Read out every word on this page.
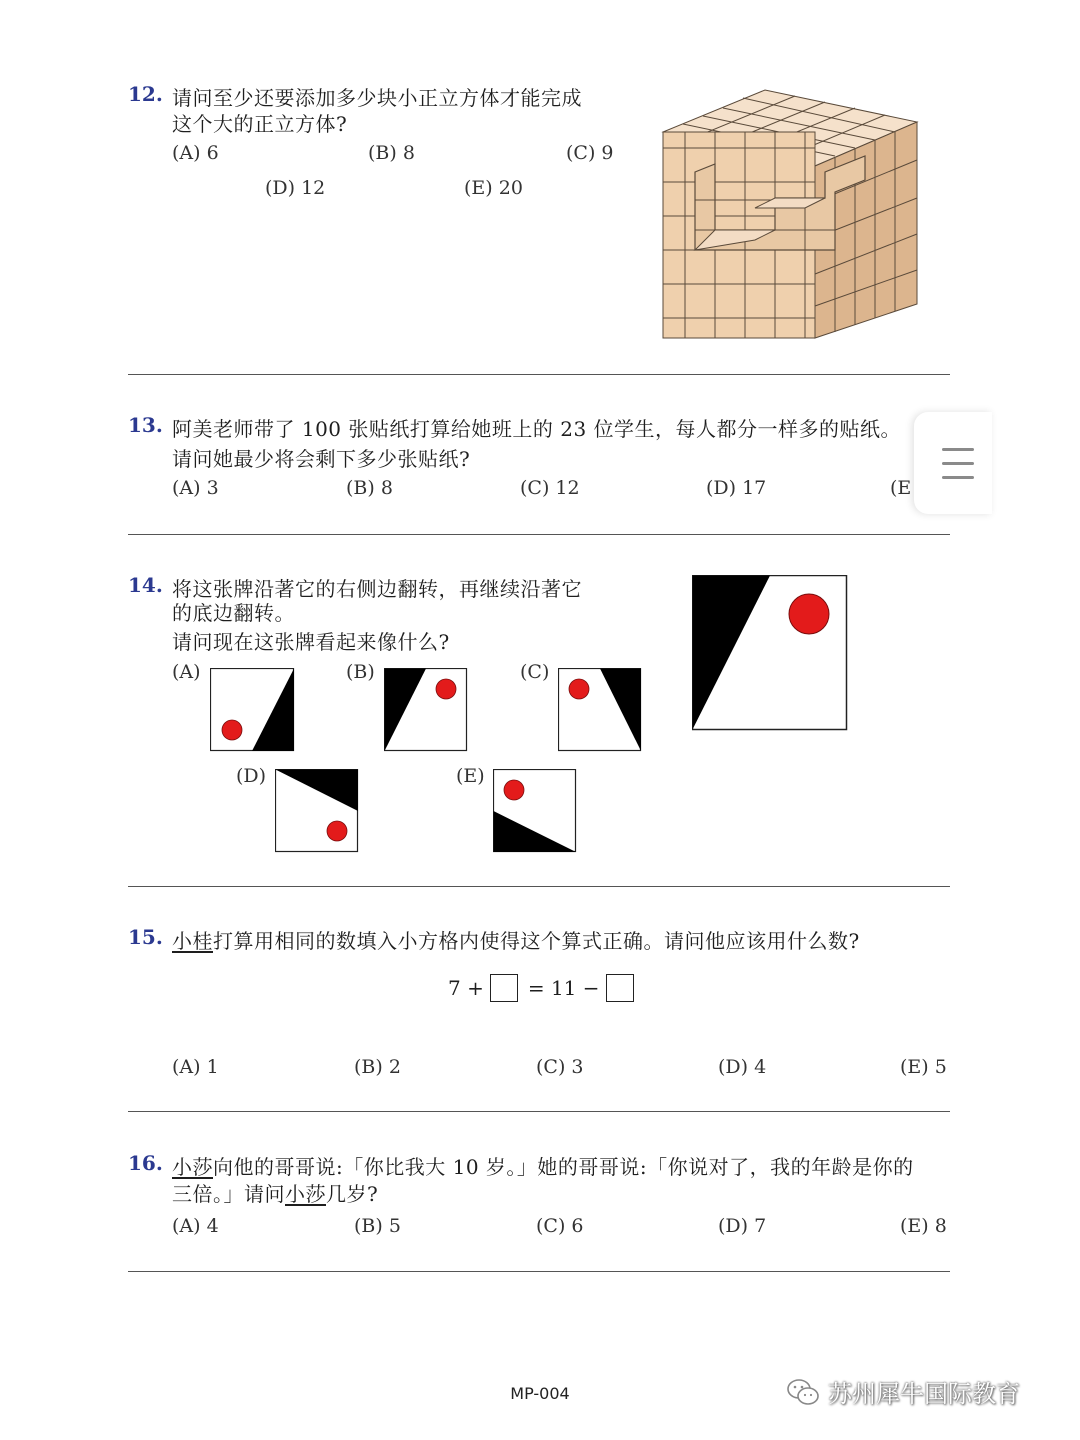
12. 请问至少还要添加多少块小正立方体才能完成
这个大的正立方体?
(A) 6	(B) 8	(C) 9
(D) 12	(E) 20
13. 阿美老师带了 100 张贴纸打算给她班上的 23 位学生，每人都分一样多的贴纸。
请问她最少将会剩下多少张贴纸?
(A) 3	(B) 8	(C) 12	(D) 17	(E
14. 将这张牌沿著它的右侧边翻转，再继续沿著它
的底边翻转。
请问现在这张牌看起来像什么?
(A)	(B)	(C)
(D)	(E)
15. 小桂打算用相同的数填入小方格内使得这个算式正确。请问他应该用什么数?
7 + = 11 −
(A) 1	(B) 2	(C) 3	(D) 4	(E) 5
16. 小莎向他的哥哥说:「你比我大 10 岁。」她的哥哥说:「你说对了，我的年龄是你的
三倍。」请问小莎几岁?
(A) 4	(B) 5	(C) 6	(D) 7	(E) 8
MP-004	苏州犀牛国际教育
